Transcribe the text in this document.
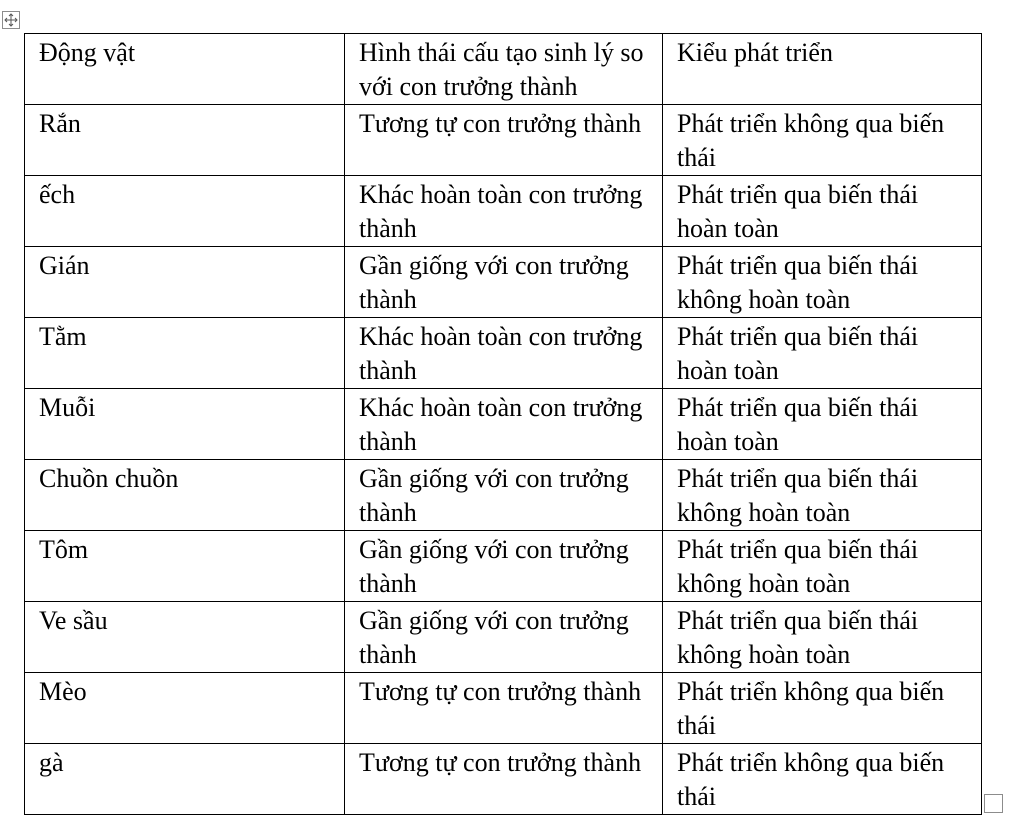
Động vật	Hình thái cấu tạo sinh lý so với con trưởng thành	Kiểu phát triển
Rắn	Tương tự con trưởng thành	Phát triển không qua biến thái
ếch	Khác hoàn toàn con trưởng thành	Phát triển qua biến thái hoàn toàn
Gián	Gần giống với con trưởng thành	Phát triển qua biến thái không hoàn toàn
Tằm	Khác hoàn toàn con trưởng thành	Phát triển qua biến thái hoàn toàn
Muỗi	Khác hoàn toàn con trưởng thành	Phát triển qua biến thái hoàn toàn
Chuồn chuồn	Gần giống với con trưởng thành	Phát triển qua biến thái không hoàn toàn
Tôm	Gần giống với con trưởng thành	Phát triển qua biến thái không hoàn toàn
Ve sầu	Gần giống với con trưởng thành	Phát triển qua biến thái không hoàn toàn
Mèo	Tương tự con trưởng thành	Phát triển không qua biến thái
gà	Tương tự con trưởng thành	Phát triển không qua biến thái
